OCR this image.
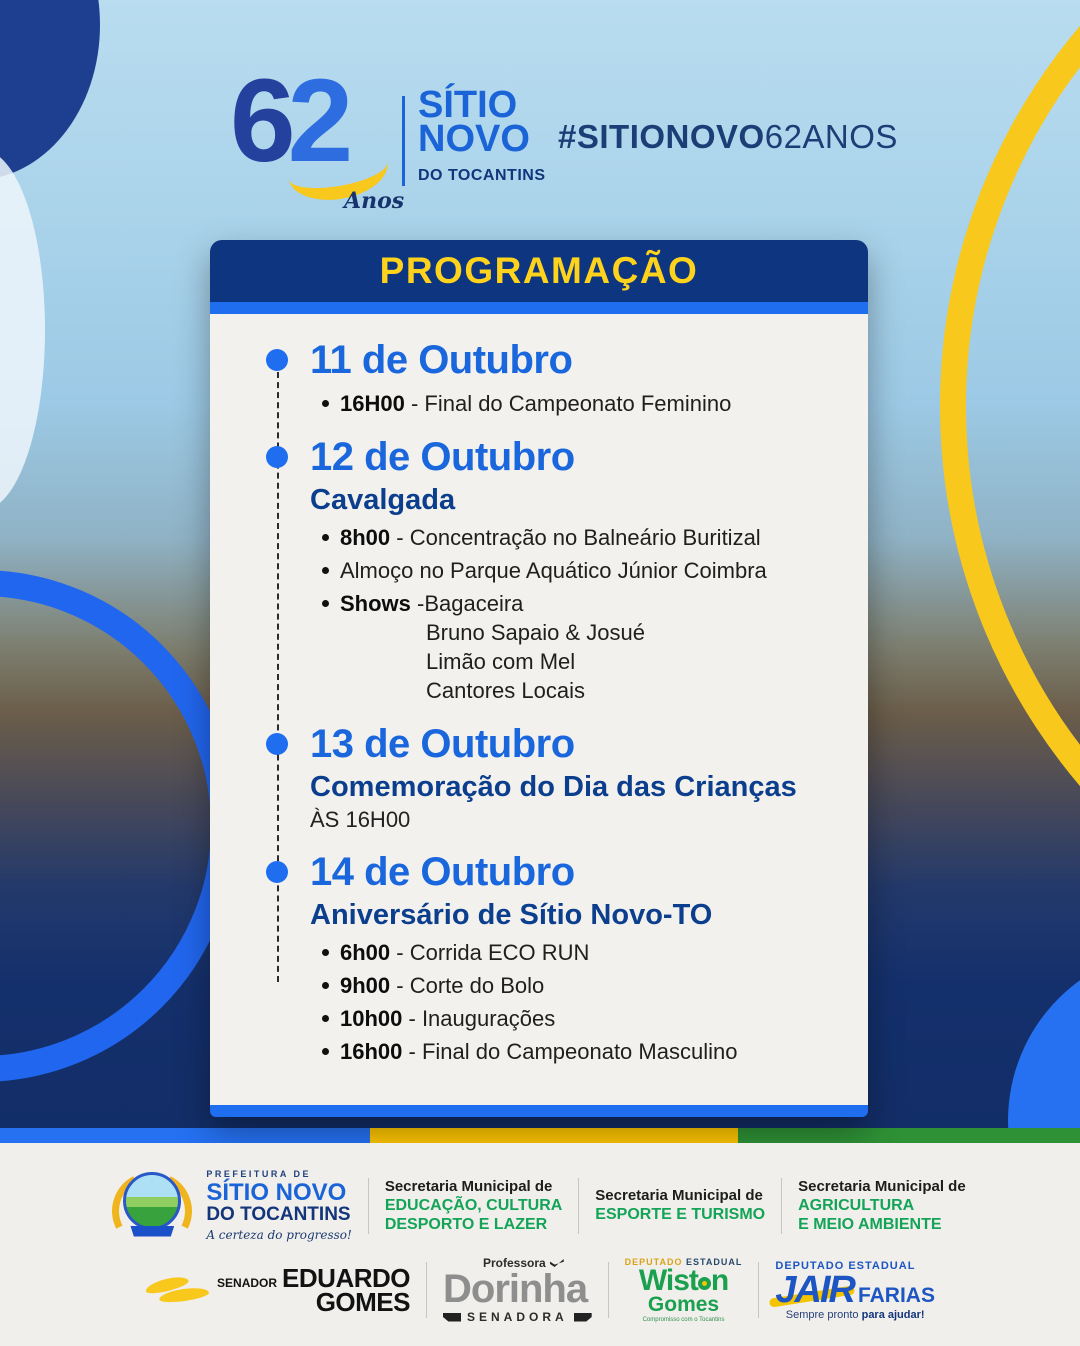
62
Anos
SÍTIO
NOVO
DO TOCANTINS
#SITIONOVO62ANOS
PROGRAMAÇÃO
11 de Outubro
16H00 - Final do Campeonato Feminino
12 de Outubro
Cavalgada
8h00 - Concentração no Balneário Buritizal
Almoço no Parque Aquático Júnior Coimbra
Shows -Bagaceira
Bruno Sapaio & Josué
Limão com Mel
Cantores Locais
13 de Outubro
Comemoração do Dia das Crianças
ÀS 16H00
14 de Outubro
Aniversário de Sítio Novo-TO
6h00 - Corrida ECO RUN
9h00 - Corte do Bolo
10h00 - Inaugurações
16h00 - Final do Campeonato Masculino
PREFEITURA DE
SÍTIO NOVO
DO TOCANTINS
A certeza do progresso!
Secretaria Municipal de
EDUCAÇÃO, CULTURA
DESPORTO E LAZER
Secretaria Municipal de
ESPORTE E TURISMO
Secretaria Municipal de
AGRICULTURA
E MEIO AMBIENTE
SENADOR EDUARDO
GOMES
Professora
Dorinha
SENADORA
DEPUTADO ESTADUAL
Wist n
Gomes
Compromisso com o Tocantins
DEPUTADO ESTADUAL
JAIR FARIAS
Sempre pronto para ajudar!
